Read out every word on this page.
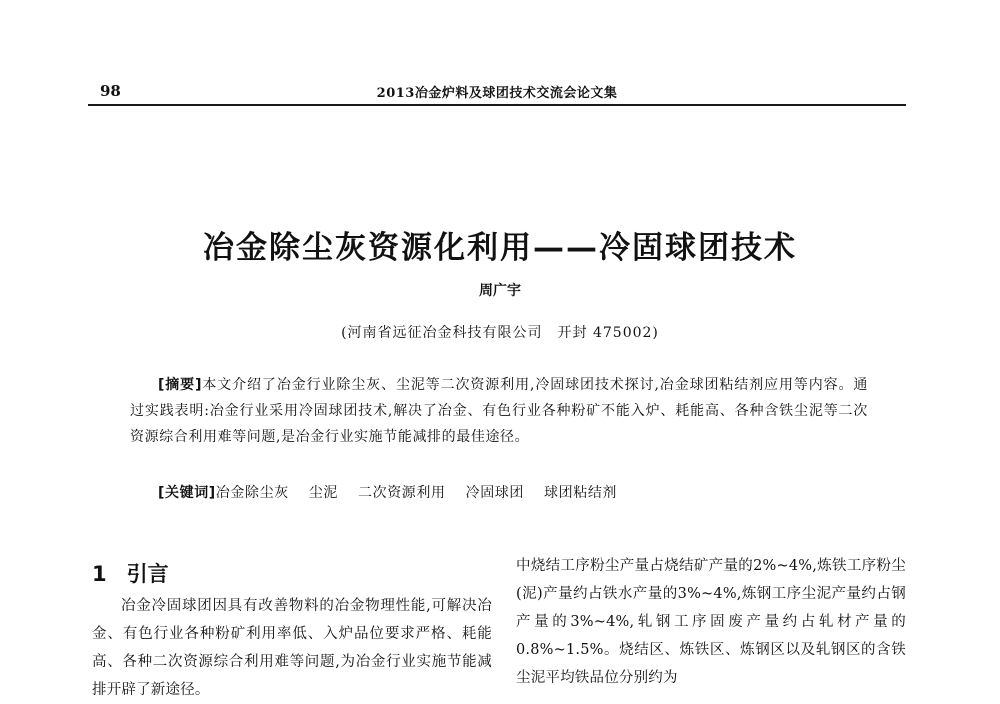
98	2013冶金炉料及球团技术交流会论文集
冶金除尘灰资源化利用——冷固球团技术
周广宇
(河南省远征冶金科技有限公司　开封 475002)
[摘要]本文介绍了冶金行业除尘灰、尘泥等二次资源利用,冷固球团技术探讨,冶金球团粘结剂应用等内容。通过实践表明:冶金行业采用冷固球团技术,解决了冶金、有色行业各种粉矿不能入炉、耗能高、各种含铁尘泥等二次资源综合利用难等问题,是冶金行业实施节能减排的最佳途径。
[关键词]冶金除尘灰 尘泥 二次资源利用 冷固球团 球团粘结剂
1 引言

冶金冷固球团因具有改善物料的冶金物理性能,可解决冶金、有色行业各种粉矿利用率低、入炉品位要求严格、耗能高、各种二次资源综合利用难等问题,为冶金行业实施节能减排开辟了新途径。

中烧结工序粉尘产量占烧结矿产量的2%~4%,炼铁工序粉尘(泥)产量约占铁水产量的3%~4%,炼钢工序尘泥产量约占钢产量的3%~4%,轧钢工序固废产量约占轧材产量的0.8%~1.5%。烧结区、炼铁区、炼钢区以及轧钢区的含铁尘泥平均铁品位分别约为
